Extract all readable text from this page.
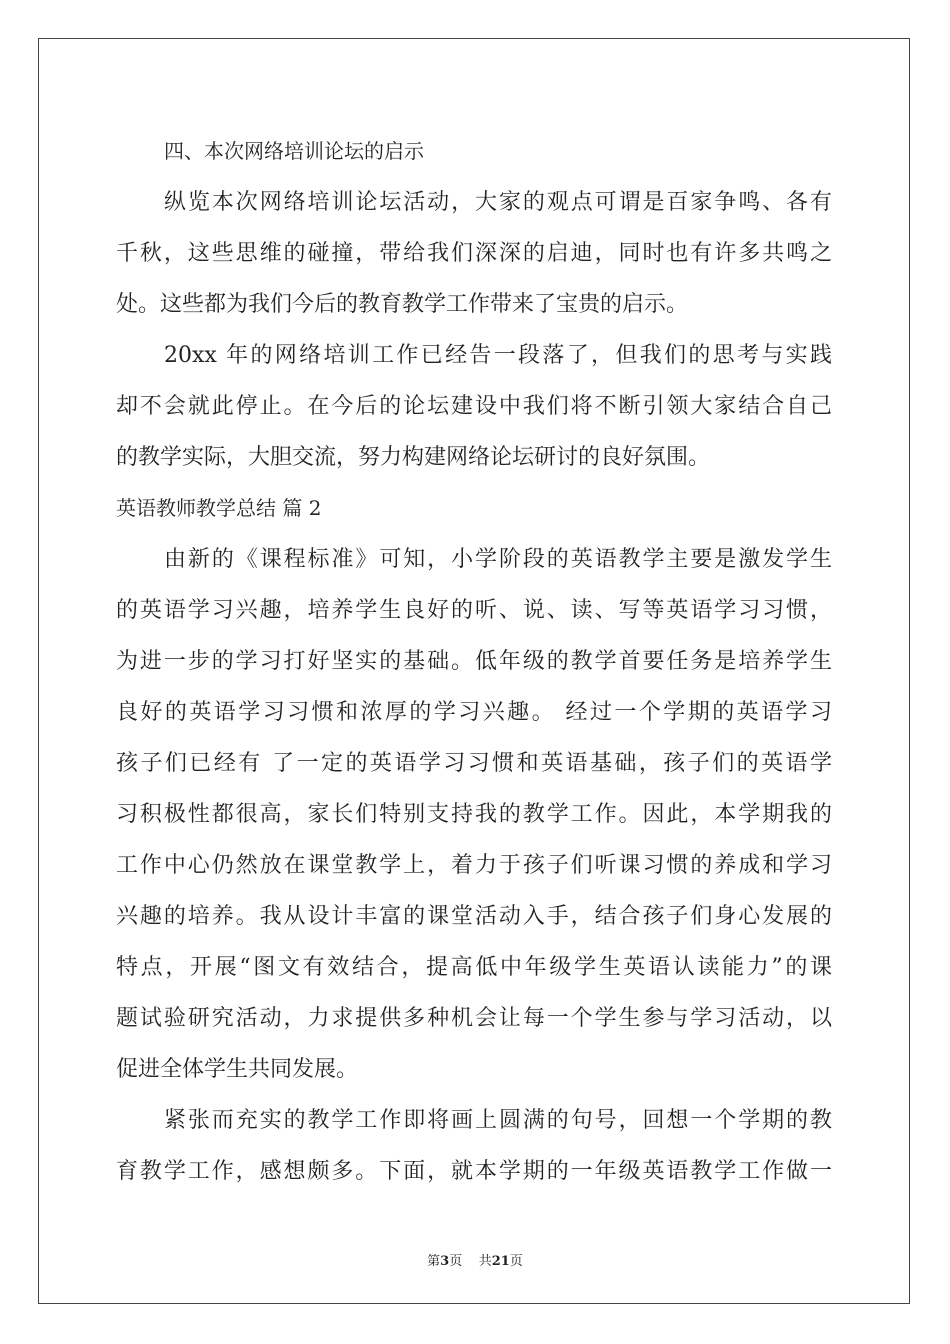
四、本次网络培训论坛的启示
纵览本次网络培训论坛活动，大家的观点可谓是百家争鸣、各有
千秋，这些思维的碰撞，带给我们深深的启迪，同时也有许多共鸣之
处。这些都为我们今后的教育教学工作带来了宝贵的启示。
20xx 年的网络培训工作已经告一段落了，但我们的思考与实践
却不会就此停止。在今后的论坛建设中我们将不断引领大家结合自己
的教学实际，大胆交流，努力构建网络论坛研讨的良好氛围。
英语教师教学总结 篇 2
由新的《课程标准》可知，小学阶段的英语教学主要是激发学生
的英语学习兴趣，培养学生良好的听、说、读、写等英语学习习惯，
为进一步的学习打好坚实的基础。低年级的教学首要任务是培养学生
良好的英语学习习惯和浓厚的学习兴趣。 经过一个学期的英语学习
孩子们已经有 了一定的英语学习习惯和英语基础，孩子们的英语学
习积极性都很高，家长们特别支持我的教学工作。因此，本学期我的
工作中心仍然放在课堂教学上，着力于孩子们听课习惯的养成和学习
兴趣的培养。我从设计丰富的课堂活动入手，结合孩子们身心发展的
特点，开展“图文有效结合，提高低中年级学生英语认读能力”的课
题试验研究活动，力求提供多种机会让每一个学生参与学习活动，以
促进全体学生共同发展。
紧张而充实的教学工作即将画上圆满的句号，回想一个学期的教
育教学工作，感想颇多。下面，就本学期的一年级英语教学工作做一
第3页    共21页
